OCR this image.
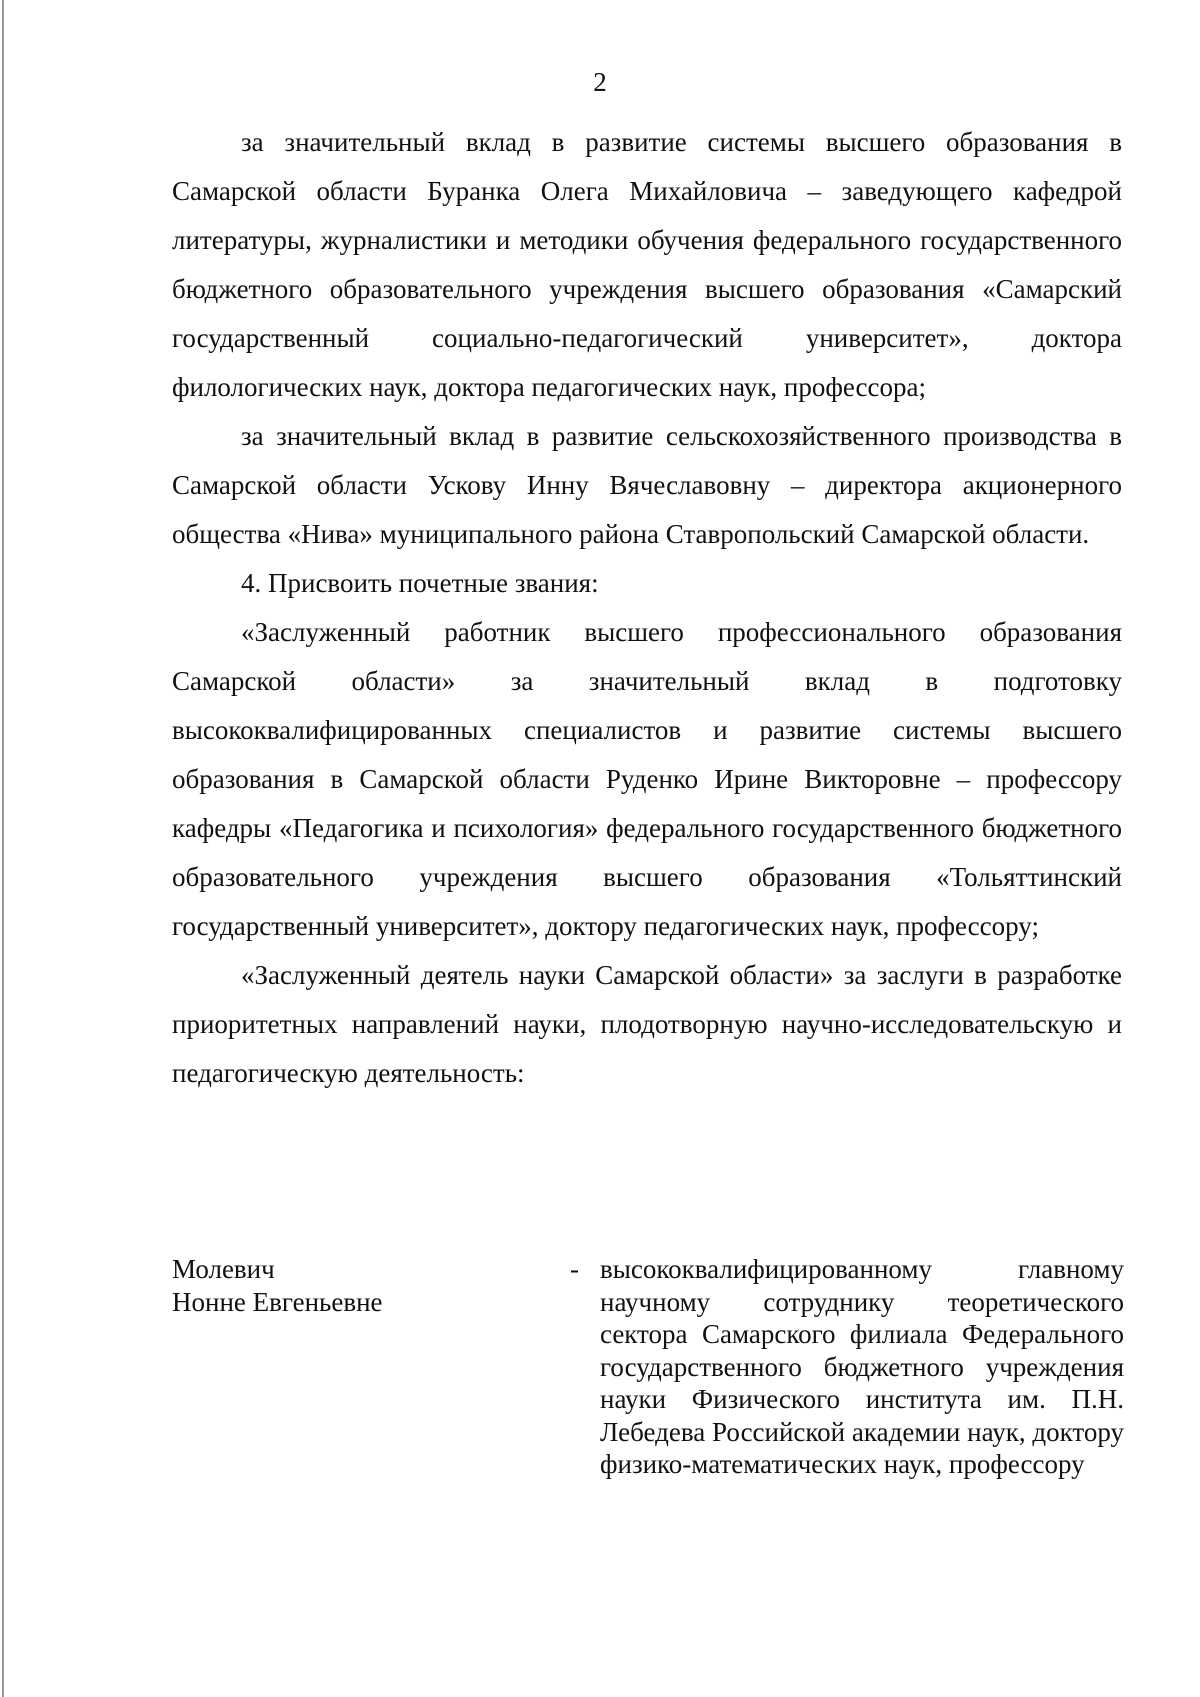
2

за значительный вклад в развитие системы высшего образования в Самарской области Буранка Олега Михайловича – заведующего кафедрой литературы, журналистики и методики обучения федерального государственного бюджетного образовательного учреждения высшего образования «Самарский государственный социально-педагогический университет», доктора филологических наук, доктора педагогических наук, профессора;

за значительный вклад в развитие сельскохозяйственного производства в Самарской области Ускову Инну Вячеславовну – директора акционерного общества «Нива» муниципального района Ставропольский Самарской области.

4. Присвоить почетные звания:

«Заслуженный работник высшего профессионального образования Самарской области» за значительный вклад в подготовку высококвалифицированных специалистов и развитие системы высшего образования в Самарской области Руденко Ирине Викторовне – профессору кафедры «Педагогика и психология» федерального государственного бюджетного образовательного учреждения высшего образования «Тольяттинский государственный университет», доктору педагогических наук, профессору;

«Заслуженный деятель науки Самарской области» за заслуги в разработке приоритетных направлений науки, плодотворную научно-исследовательскую и педагогическую деятельность:

Молевич
Нонне Евгеньевне
- высококвалифицированному главному научному сотруднику теоретического сектора Самарского филиала Федерального государственного бюджетного учреждения науки Физического института им. П.Н. Лебедева Российской академии наук, доктору физико-математических наук, профессору
